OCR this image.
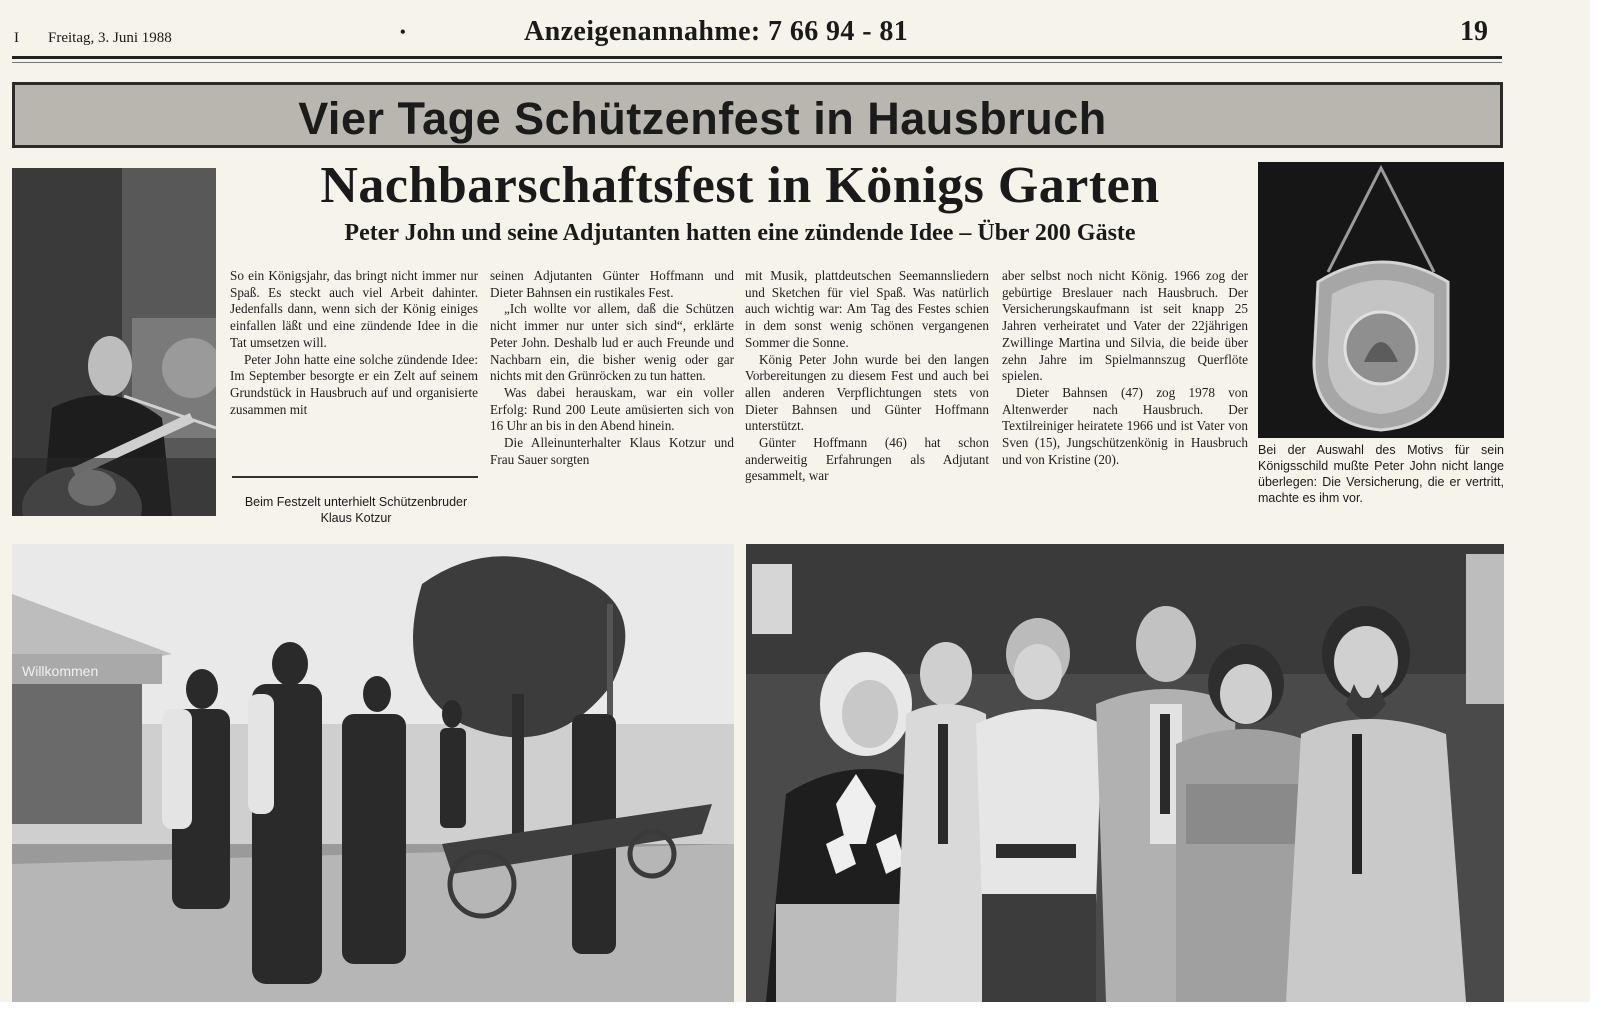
I Freitag, 3. Juni 1988	•	Anzeigenannahme: 7 66 94 - 81	19
Vier Tage Schützenfest in Hausbruch
Nachbarschaftsfest in Königs Garten
Peter John und seine Adjutanten hatten eine zündende Idee – Über 200 Gäste
Willkommen

So ein Königsjahr, das bringt nicht immer nur Spaß. Es steckt auch viel Arbeit dahinter. Jedenfalls dann, wenn sich der König einiges einfallen läßt und eine zündende Idee in die Tat umsetzen will.

Peter John hatte eine solche zündende Idee: Im September besorgte er ein Zelt auf seinem Grundstück in Hausbruch auf und organisierte zusammen mit

Beim Festzelt unterhielt Schützenbruder Klaus Kotzur

seinen Adjutanten Günter Hoffmann und Dieter Bahnsen ein rustikales Fest.

„Ich wollte vor allem, daß die Schützen nicht immer nur unter sich sind“, erklärte Peter John. Deshalb lud er auch Freunde und Nachbarn ein, die bisher wenig oder gar nichts mit den Grünröcken zu tun hatten.

Was dabei herauskam, war ein voller Erfolg: Rund 200 Leute amüsierten sich von 16 Uhr an bis in den Abend hinein.

Die Alleinunterhalter Klaus Kotzur und Frau Sauer sorgten

mit Musik, plattdeutschen Seemannsliedern und Sketchen für viel Spaß. Was natürlich auch wichtig war: Am Tag des Festes schien in dem sonst wenig schönen vergangenen Sommer die Sonne.

König Peter John wurde bei den langen Vorbereitungen zu diesem Fest und auch bei allen anderen Verpflichtungen stets von Dieter Bahnsen und Günter Hoffmann unterstützt.

Günter Hoffmann (46) hat schon anderweitig Erfahrungen als Adjutant gesammelt, war

aber selbst noch nicht König. 1966 zog der gebürtige Breslauer nach Hausbruch. Der Versicherungskaufmann ist seit knapp 25 Jahren verheiratet und Vater der 22jährigen Zwillinge Martina und Silvia, die beide über zehn Jahre im Spielmannszug Querflöte spielen.

Dieter Bahnsen (47) zog 1978 von Altenwerder nach Hausbruch. Der Textilreiniger heiratete 1966 und ist Vater von Sven (15), Jungschützenkönig in Hausbruch und von Kristine (20).

Bei der Auswahl des Motivs für sein Königsschild mußte Peter John nicht lange überlegen: Die Versicherung, die er vertritt, machte es ihm vor.
